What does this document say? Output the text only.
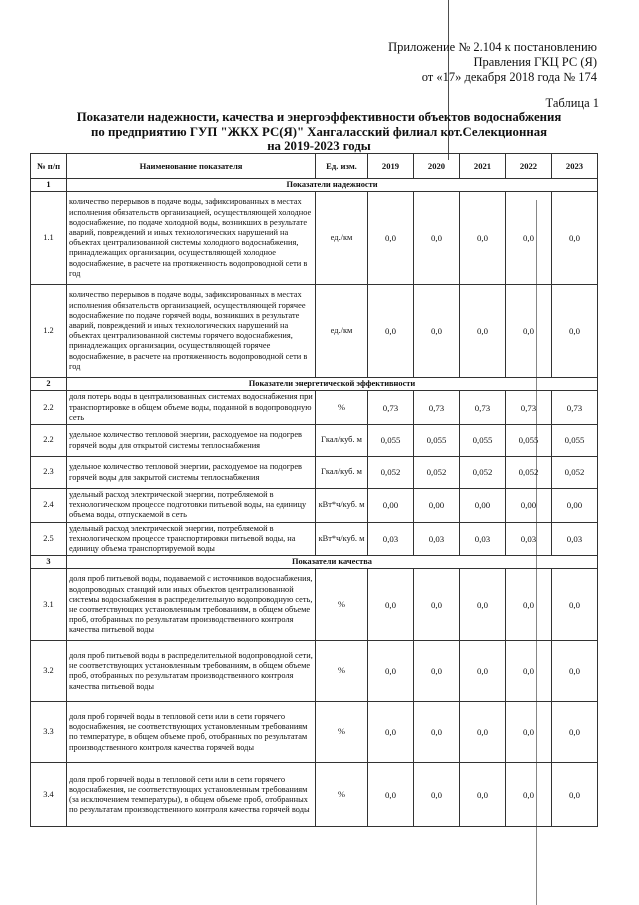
Приложение № 2.104 к постановлению
Правления ГКЦ РС (Я)
от «17» декабря 2018 года № 174
Таблица 1
Показатели надежности, качества и энергоэффективности объектов водоснабжения
по предприятию ГУП "ЖКХ РС(Я)" Хангаласский филиал кот.Селекционная
на 2019-2023 годы
№ п/п	Наименование показателя	Ед. изм.	2019	2020	2021	2022	2023
1	Показатели надежности						
1.1	количество перерывов в подаче воды, зафиксированных в местах исполнения обязательств организацией, осуществляющей холодное водоснабжение, по подаче холодной воды, возникших в результате аварий, повреждений и иных технологических нарушений на объектах централизованной системы холодного водоснабжения, принадлежащих организации, осуществляющей холодное водоснабжение, в расчете на протяженность водопроводной сети в год	ед./км	0,0	0,0	0,0	0,0	0,0
1.2	количество перерывов в подаче воды, зафиксированных в местах исполнения обязательств организацией, осуществляющей горячее водоснабжение по подаче горячей воды, возникших в результате аварий, повреждений и иных технологических нарушений на объектах централизованной системы горячего водоснабжения, принадлежащих организации, осуществляющей горячее водоснабжение, в расчете на протяженность водопроводной сети в год	ед./км	0,0	0,0	0,0	0,0	0,0
2	Показатели энергетической эффективности						
2.2	доля потерь воды в централизованных системах водоснабжения при транспортировке в общем объеме воды, поданной в водопроводную сеть	%	0,73	0,73	0,73	0,73	0,73
2.2	удельное количество тепловой энергии, расходуемое на подогрев горячей воды для открытой системы теплоснабжения	Гкал/куб. м	0,055	0,055	0,055	0,055	0,055
2.3	удельное количество тепловой энергии, расходуемое на подогрев горячей воды для закрытой системы теплоснабжения	Гкал/куб. м	0,052	0,052	0,052	0,052	0,052
2.4	удельный расход электрической энергии, потребляемой в технологическом процессе подготовки питьевой воды, на единицу объема воды, отпускаемой в сеть	кВт*ч/куб. м	0,00	0,00	0,00	0,00	0,00
2.5	удельный расход электрической энергии, потребляемой в технологическом процессе транспортировки питьевой воды, на единицу объема транспортируемой воды	кВт*ч/куб. м	0,03	0,03	0,03	0,03	0,03
3	Показатели качества						
3.1	доля проб питьевой воды, подаваемой с источников водоснабжения, водопроводных станций или иных объектов централизованной системы водоснабжения в распределительную водопроводную сеть, не соответствующих установленным требованиям, в общем объеме проб, отобранных по результатам производственного контроля качества питьевой воды	%	0,0	0,0	0,0	0,0	0,0
3.2	доля проб питьевой воды в распределительной водопроводной сети, не соответствующих установленным требованиям, в общем объеме проб, отобранных по результатам производственного контроля качества питьевой воды	%	0,0	0,0	0,0	0,0	0,0
3.3	доля проб горячей воды в тепловой сети или в сети горячего водоснабжения, не соответствующих установленным требованиям по температуре, в общем объеме проб, отобранных по результатам производственного контроля качества горячей воды	%	0,0	0,0	0,0	0,0	0,0
3.4	доля проб горячей воды в тепловой сети или в сети горячего водоснабжения, не соответствующих установленным требованиям (за исключением температуры), в общем объеме проб, отобранных по результатам производственного контроля качества горячей воды	%	0,0	0,0	0,0	0,0	0,0
